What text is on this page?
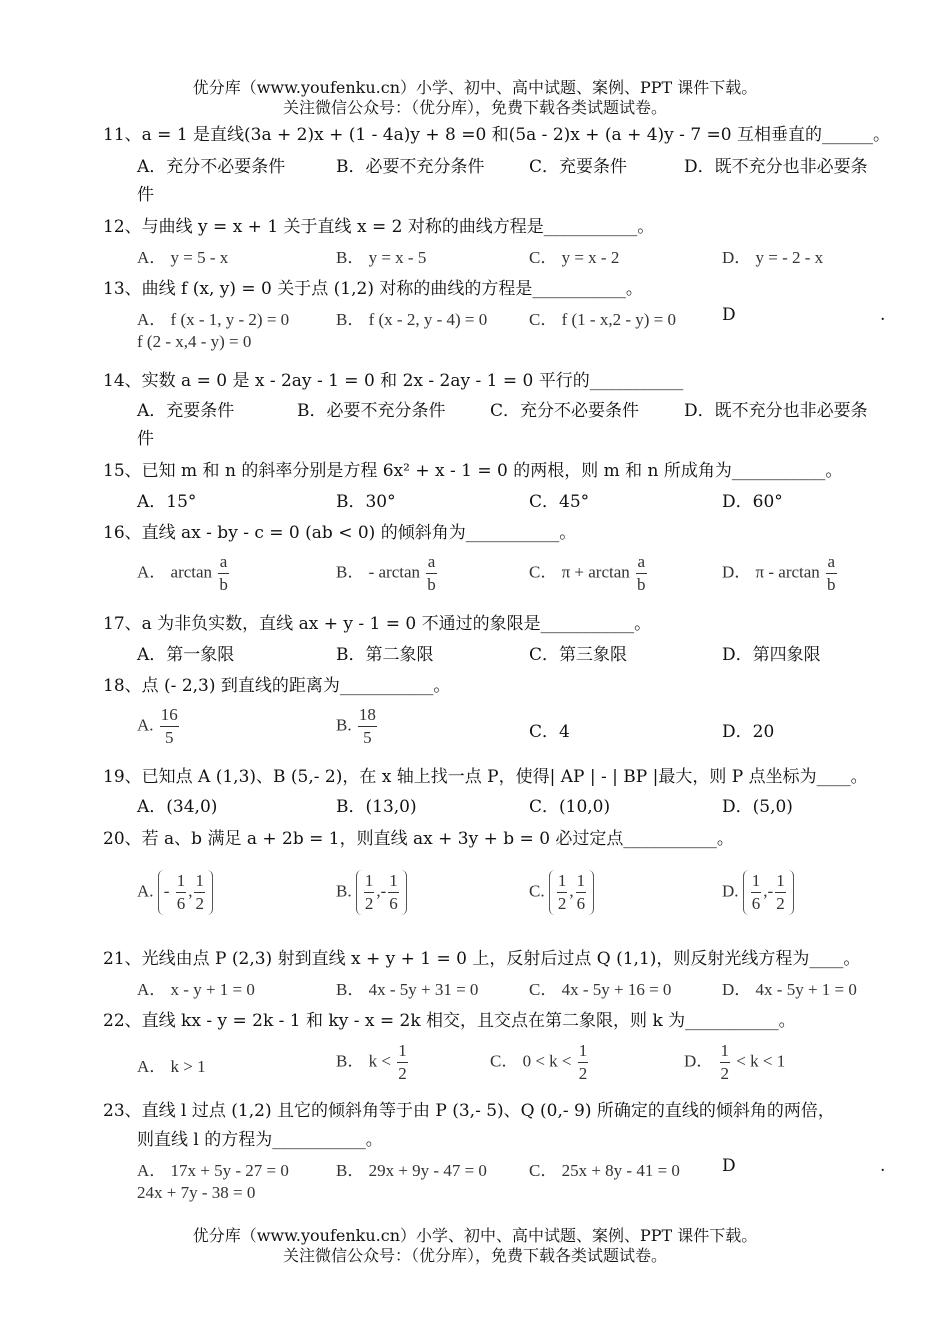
优分库（www.youfenku.cn）小学、初中、高中试题、案例、PPT 课件下载。
关注微信公众号：（优分库），免费下载各类试题试卷。
11、a = 1 是直线(3a + 2)x + (1 - 4a)y + 8 =0 和(5a - 2)x + (a + 4)y - 7 =0 互相垂直的______。
A．充分不必要条件	B．必要不充分条件	C．充要条件	D．既不充分也非必要条
件
12、与曲线 y = x + 1 关于直线 x = 2 对称的曲线方程是___________。
A． y = 5 - x	B． y = x - 5	C． y = x - 2	D． y = - 2 - x
13、曲线 f (x, y) = 0 关于点 (1,2) 对称的曲线的方程是___________。
A． f (x - 1, y - 2) = 0	B． f (x - 2, y - 4) = 0 C． f (1 - x,2 - y) = 0	D	.
f (2 - x,4 - y) = 0
14、实数 a = 0 是 x - 2ay - 1 = 0 和 2x - 2ay - 1 = 0 平行的___________
A．充要条件	B．必要不充分条件	C．充分不必要条件	D．既不充分也非必要条
件
15、已知 m 和 n 的斜率分别是方程 6x² + x - 1 = 0 的两根，则 m 和 n 所成角为___________。
A．15°	B．30°	C．45°	D．60°
16、直线 ax - by - c = 0 (ab < 0) 的倾斜角为___________。
A． $\arctan \frac{a}{b}$	B． - $\arctan \frac{a}{b}$	C． $\pi + \arctan \frac{a}{b}$	D． π - $\arctan \frac{a}{b}$
17、a 为非负实数，直线 ax + y - 1 = 0 不通过的象限是___________。
A．第一象限	B．第二象限	C．第三象限	D．第四象限
18、点 (- 2,3) 到直线的距离为___________。
A. $\frac{16}{5}$	B. $\frac{18}{5}$	C．4	D．20
19、已知点 A (1,3)、B (5,- 2)，在 x 轴上找一点 P，使得| AP | - | BP |最大，则 P 点坐标为____。
A．(34,0)	B．(13,0)	C．(10,0)	D．(5,0)
20、若 a、b 满足 a + 2b = 1，则直线 ax + 3y + b = 0 必过定点___________。
A. - $\frac{1}{6}$ , $\frac{1}{2}$	B. $\frac{1}{2}$ ,- $\frac{1}{6}$	C. $\frac{1}{2}$ , $\frac{1}{6}$	D. $\frac{1}{6}$ ,- $\frac{1}{2}$
21、光线由点 P (2,3) 射到直线 x + y + 1 = 0 上，反射后过点 Q (1,1)，则反射光线方程为____。
A． x - y + 1 = 0	B． 4x - 5y + 31 = 0	C． 4x - 5y + 16 = 0	D． 4x - 5y + 1 = 0
22、直线 kx - y = 2k - 1 和 ky - x = 2k 相交，且交点在第二象限，则 k 为___________。
A． k > 1	B． $k < \frac{1}{2}$	C． $0 < k < \frac{1}{2}$	D． $\frac{1}{2} < k < 1$
23、直线 l 过点 (1,2) 且它的倾斜角等于由 P (3,- 5)、Q (0,- 9) 所确定的直线的倾斜角的两倍，
则直线 l 的方程为___________。
A． 17x + 5y - 27 = 0	B． 29x + 9y - 47 = 0 C． 25x + 8y - 41 = 0 D	.
24x + 7y - 38 = 0
优分库（www.youfenku.cn）小学、初中、高中试题、案例、PPT 课件下载。
关注微信公众号：（优分库），免费下载各类试题试卷。
